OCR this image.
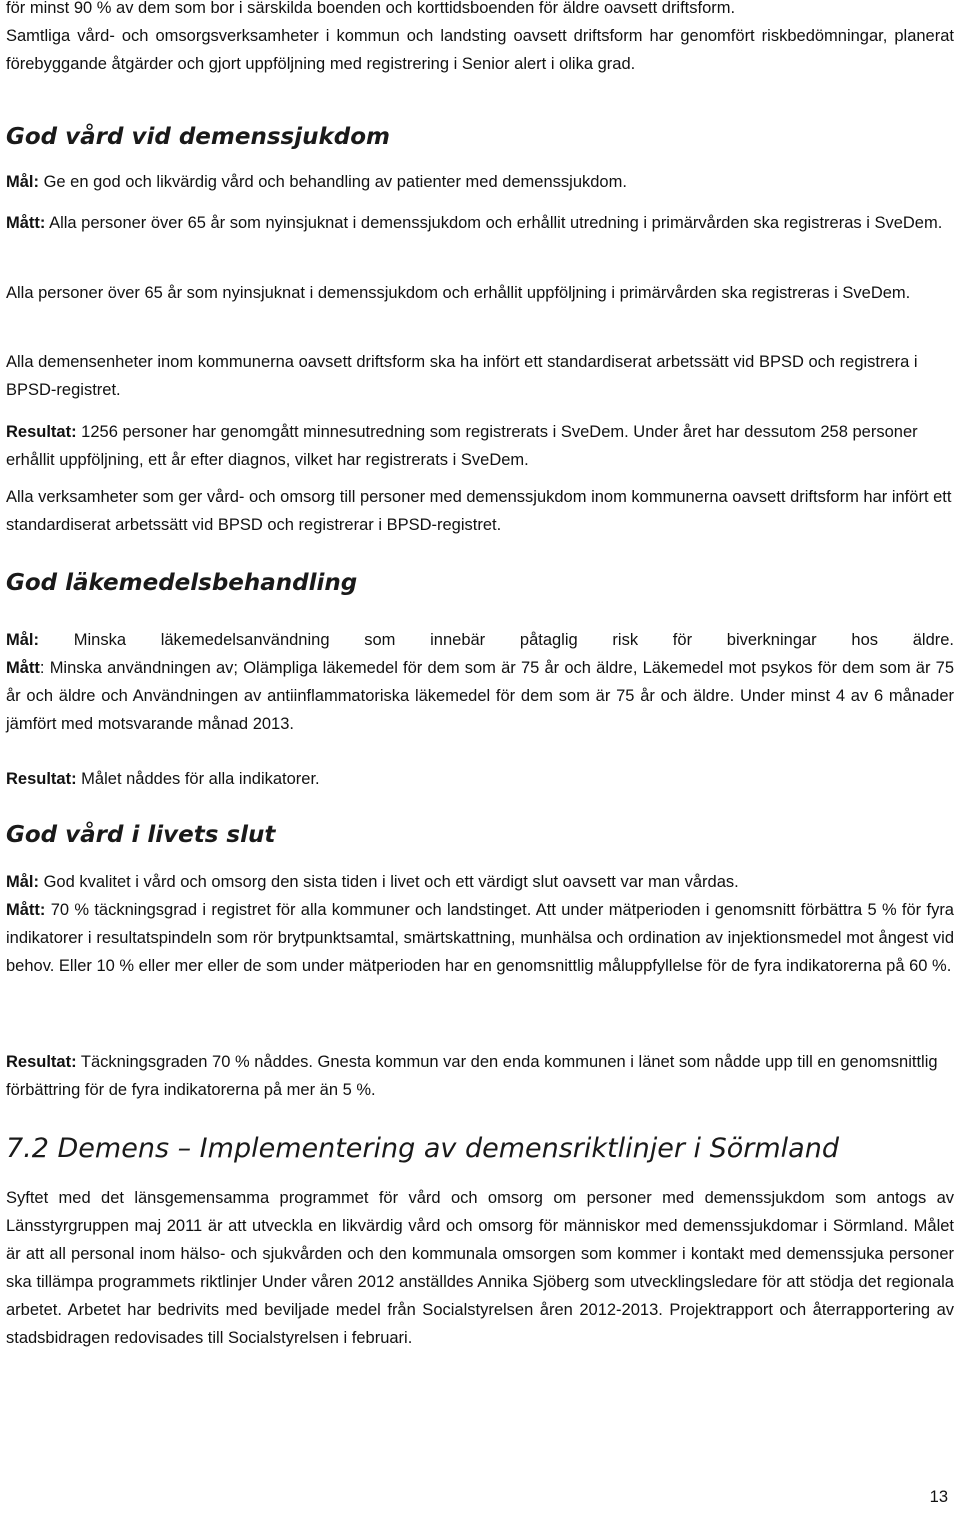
för minst 90 % av dem som bor i särskilda boenden och korttidsboenden för äldre oavsett driftsform.

Samtliga vård- och omsorgsverksamheter i kommun och landsting oavsett driftsform har genomfört riskbedömningar, planerat förebyggande åtgärder och gjort uppföljning med registrering i Senior alert i olika grad.

God vård vid demenssjukdom

Mål: Ge en god och likvärdig vård och behandling av patienter med demenssjukdom.

Mått: Alla personer över 65 år som nyinsjuknat i demenssjukdom och erhållit utredning i primärvården ska registreras i SveDem.

Alla personer över 65 år som nyinsjuknat i demenssjukdom och erhållit uppföljning i primärvården ska registreras i SveDem.

Alla demensenheter inom kommunerna oavsett driftsform ska ha infört ett standardiserat arbetssätt vid BPSD och registrera i BPSD-registret.

Resultat: 1256 personer har genomgått minnesutredning som registrerats i SveDem. Under året har dessutom 258 personer erhållit uppföljning, ett år efter diagnos, vilket har registrerats i SveDem.

Alla verksamheter som ger vård- och omsorg till personer med demenssjukdom inom kommunerna oavsett driftsform har infört ett standardiserat arbetssätt vid BPSD och registrerar i BPSD-registret.

God läkemedelsbehandling

Mål: Minska läkemedelsanvändning som innebär påtaglig risk för biverkningar hos äldre.

Mått: Minska användningen av; Olämpliga läkemedel för dem som är 75 år och äldre, Läkemedel mot psykos för dem som är 75 år och äldre och Användningen av antiinflammatoriska läkemedel för dem som är 75 år och äldre. Under minst 4 av 6 månader jämfört med motsvarande månad 2013.

Resultat: Målet nåddes för alla indikatorer.

God vård i livets slut

Mål: God kvalitet i vård och omsorg den sista tiden i livet och ett värdigt slut oavsett var man vårdas.

Mått: 70 % täckningsgrad i registret för alla kommuner och landstinget. Att under mätperioden i genomsnitt förbättra 5 % för fyra indikatorer i resultatspindeln som rör brytpunktsamtal, smärtskattning, munhälsa och ordination av injektionsmedel mot ångest vid behov. Eller 10 % eller mer eller de som under mätperioden har en genomsnittlig måluppfyllelse för de fyra indikatorerna på 60 %.

Resultat: Täckningsgraden 70 % nåddes. Gnesta kommun var den enda kommunen i länet som nådde upp till en genomsnittlig förbättring för de fyra indikatorerna på mer än 5 %.

7.2 Demens – Implementering av demensriktlinjer i Sörmland

Syftet med det länsgemensamma programmet för vård och omsorg om personer med demenssjukdom som antogs av Länsstyrgruppen maj 2011 är att utveckla en likvärdig vård och omsorg för människor med demenssjukdomar i Sörmland. Målet är att all personal inom hälso- och sjukvården och den kommunala omsorgen som kommer i kontakt med demenssjuka personer ska tillämpa programmets riktlinjer Under våren 2012 anställdes Annika Sjöberg som utvecklingsledare för att stödja det regionala arbetet. Arbetet har bedrivits med beviljade medel från Socialstyrelsen åren 2012-2013. Projektrapport och återrapportering av stadsbidragen redovisades till Socialstyrelsen i februari.

13
